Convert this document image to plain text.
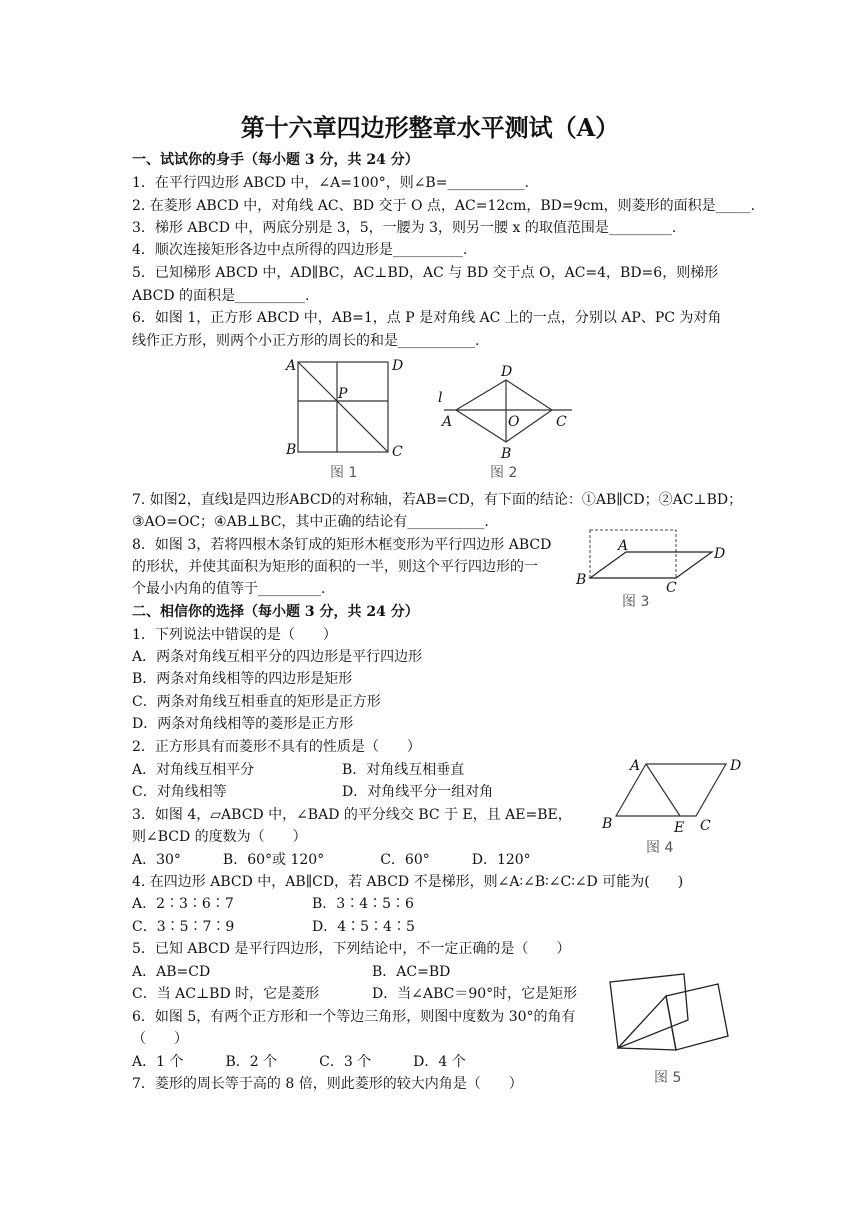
第十六章四边形整章水平测试（A）
一、试试你的身手（每小题 3 分，共 24 分）
1．在平行四边形 ABCD 中，∠A=100°，则∠B=___________.
2. 在菱形 ABCD 中，对角线 AC、BD 交于 O 点，AC=12cm，BD=9cm，则菱形的面积是_____.
3．梯形 ABCD 中，两底分别是 3，5，一腰为 3，则另一腰 x 的取值范围是_________.
4．顺次连接矩形各边中点所得的四边形是__________.
5．已知梯形 ABCD 中，AD∥BC，AC⊥BD，AC 与 BD 交于点 O，AC=4，BD=6，则梯形
ABCD 的面积是__________.
6．如图 1，正方形 ABCD 中，AB=1，点 P 是对角线 AC 上的一点，分别以 AP、PC 为对角
线作正方形，则两个小正方形的周长的和是___________.
A	D
P
B	C
图 1
D
l
A	O	C
B
图 2
7. 如图2，直线l是四边形ABCD的对称轴，若AB=CD，有下面的结论：①AB∥CD；②AC⊥BD；
③AO=OC；④AB⊥BC，其中正确的结论有___________.
8．如图 3，若将四根木条钉成的矩形木框变形为平行四边形 ABCD
的形状，并使其面积为矩形的面积的一半，则这个平行四边形的一
个最小内角的值等于_________.
A	D
B	C
图 3
二、相信你的选择（每小题 3 分，共 24 分）
1．下列说法中错误的是（　　）
A．两条对角线互相平分的四边形是平行四边形
B．两条对角线相等的四边形是矩形
C．两条对角线互相垂直的矩形是正方形
D．两条对角线相等的菱形是正方形
2．正方形具有而菱形不具有的性质是（　　）
A．对角线互相平分	B．对角线互相垂直
C．对角线相等	D．对角线平分一组对角
3．如图 4，▱ABCD 中，∠BAD 的平分线交 BC 于 E，且 AE=BE，
则∠BCD 的度数为（　　）
A．30°　　　B．60°或 120°　　　　C．60°　　　D．120°
A	D
B	E C
图 4
4. 在四边形 ABCD 中，AB∥CD，若 ABCD 不是梯形，则∠A∶∠B∶∠C∶∠D 可能为(　　)
A．2∶3∶6∶7	B．3∶4∶5∶6
C．3∶5∶7∶9	D．4∶5∶4∶5
5．已知 ABCD 是平行四边形，下列结论中，不一定正确的是（　　）
A．AB=CD	B．AC=BD
C．当 AC⊥BD 时，它是菱形	D．当∠ABC＝90°时，它是矩形
6．如图 5，有两个正方形和一个等边三角形，则图中度数为 30°的角有
（　　）
A．1 个　　　B．2 个　　　C．3 个　　　D．4 个
7．菱形的周长等于高的 8 倍，则此菱形的较大内角是（　　）	图 5
